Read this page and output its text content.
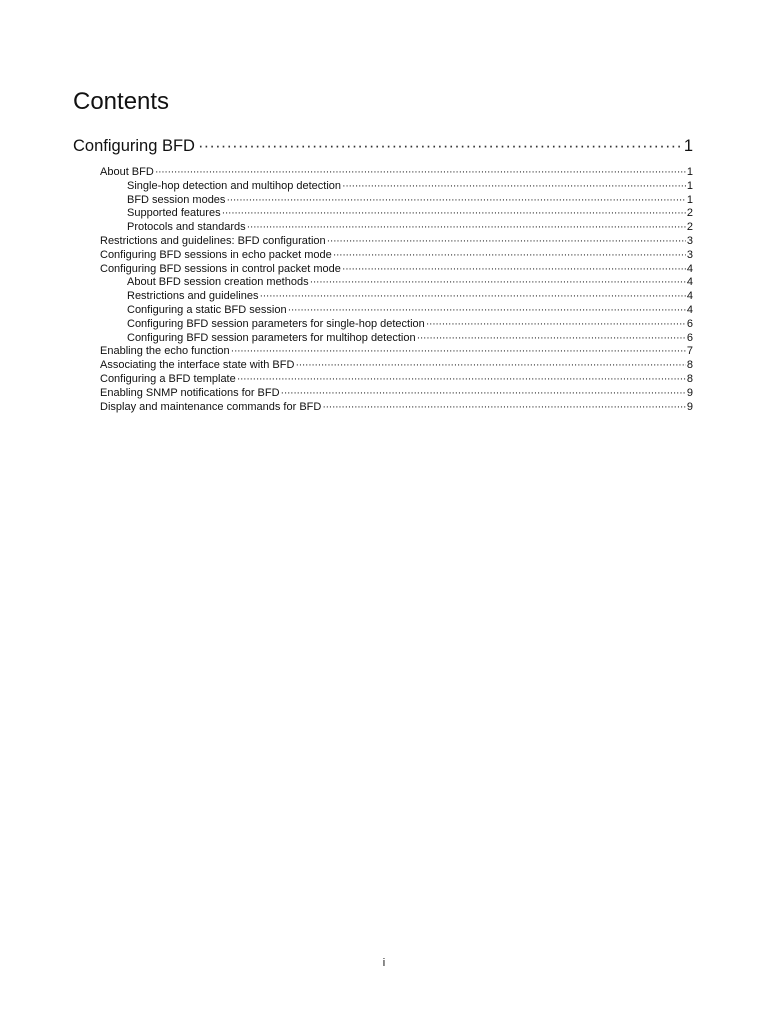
Contents
Configuring BFD ·····	1
About BFD ·····	1
Single-hop detection and multihop detection ·····	1
BFD session modes ·····	1
Supported features ·····	2
Protocols and standards ·····	2
Restrictions and guidelines: BFD configuration ·····	3
Configuring BFD sessions in echo packet mode ·····	3
Configuring BFD sessions in control packet mode ·····	4
About BFD session creation methods ·····	4
Restrictions and guidelines ·····	4
Configuring a static BFD session ·····	4
Configuring BFD session parameters for single-hop detection ·····	6
Configuring BFD session parameters for multihop detection ·····	6
Enabling the echo function ·····	7
Associating the interface state with BFD ·····	8
Configuring a BFD template ·····	8
Enabling SNMP notifications for BFD ·····	9
Display and maintenance commands for BFD ·····	9
i
